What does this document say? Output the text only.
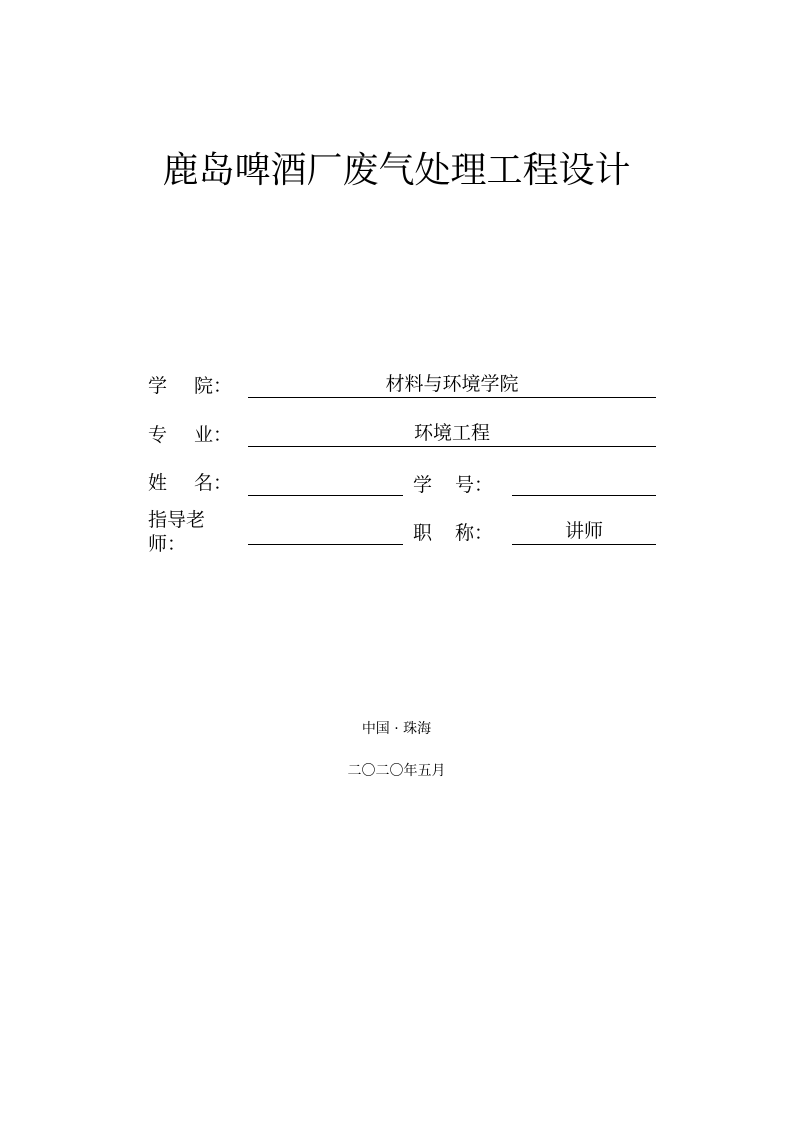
鹿岛啤酒厂废气处理工程设计
学 院：	材料与环境学院
专 业：	环境工程
姓 名：	学 号：
指导老师：	职 称：	讲师
中国 · 珠海
二〇二〇年五月
